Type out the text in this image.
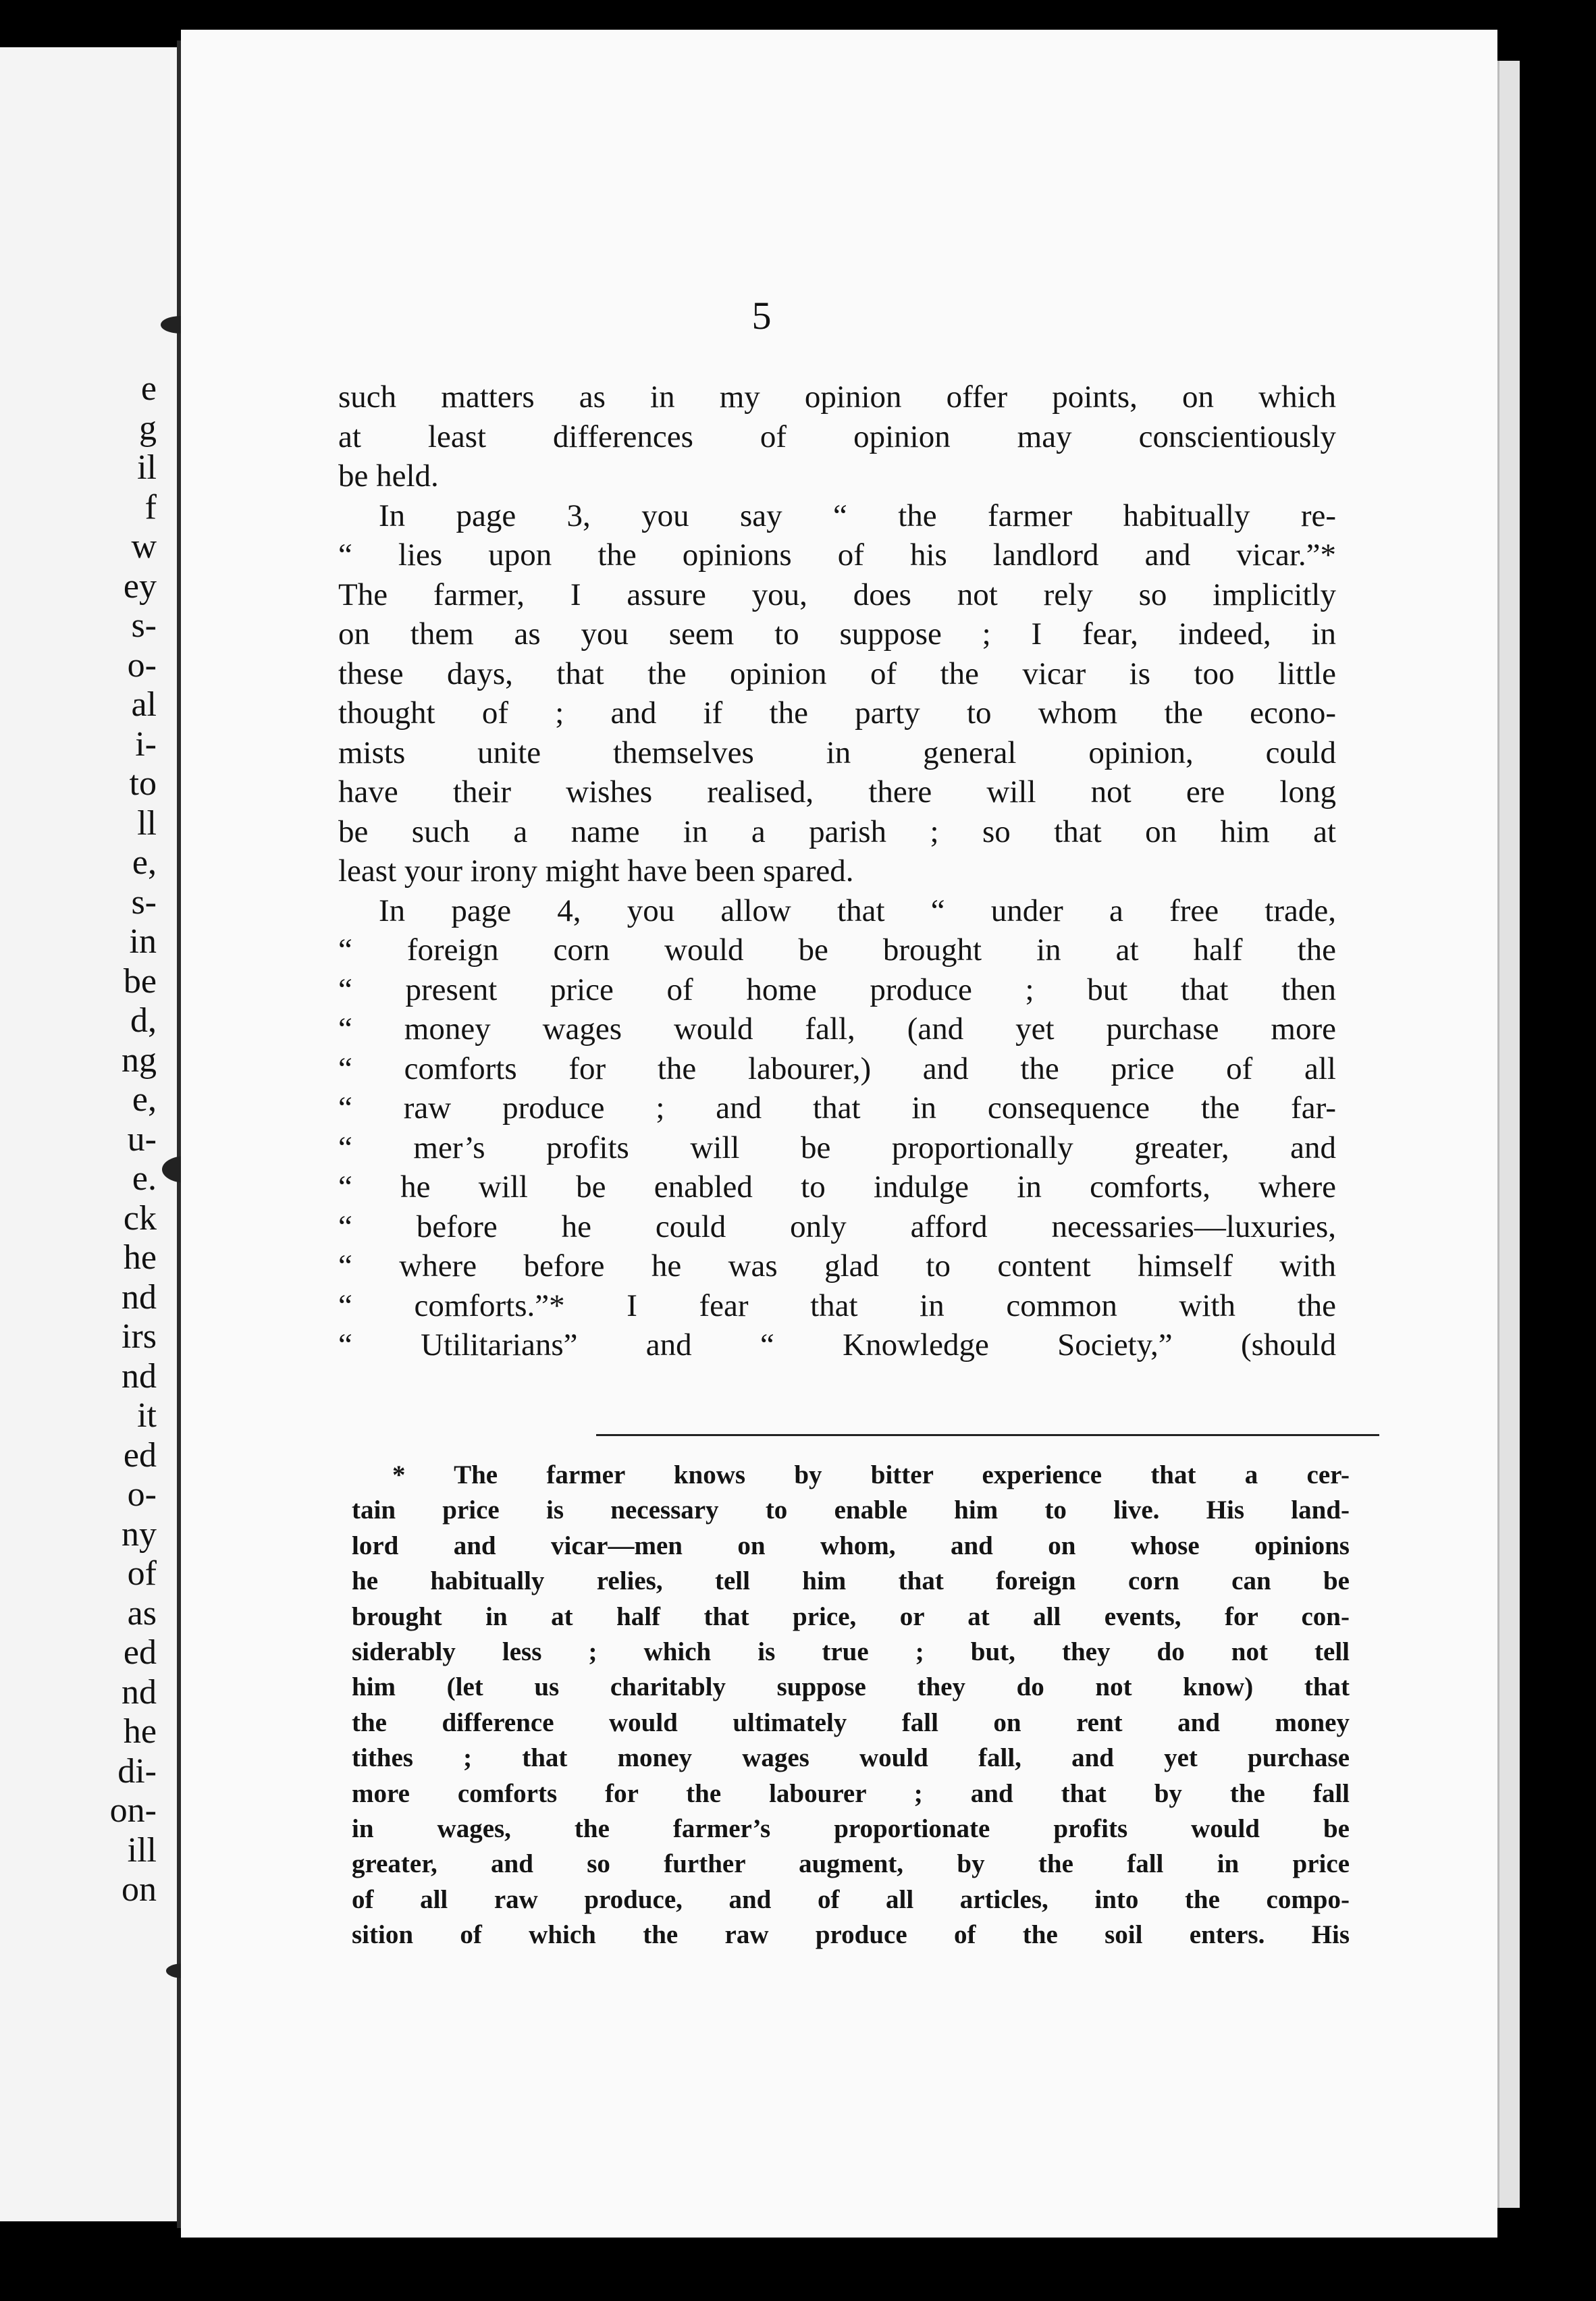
e
g
il
f
w
ey
s-
o-
al
i-
to
ll
e,
s-
in
be
d,
ng
e,
u-
e.
ck
he
nd
irs
nd
it
ed
o-
ny
of
as
ed
nd
he
di-
on-
ill
on
5
such matters as in my opinion offer points, on which
at least differences of opinion may conscientiously
be held.
In page 3, you say “ the farmer habitually re-
“ lies upon the opinions of his landlord and vicar.”*
The farmer, I assure you, does not rely so implicitly
on them as you seem to suppose ; I fear, indeed, in
these days, that the opinion of the vicar is too little
thought of ; and if the party to whom the econo-
mists unite themselves in general opinion, could
have their wishes realised, there will not ere long
be such a name in a parish ; so that on him at
least your irony might have been spared.
In page 4, you allow that “ under a free trade,
“ foreign corn would be brought in at half the
“ present price of home produce ; but that then
“ money wages would fall, (and yet purchase more
“ comforts for the labourer,) and the price of all
“ raw produce ; and that in consequence the far-
“ mer’s profits will be proportionally greater, and
“ he will be enabled to indulge in comforts, where
“ before he could only afford necessaries—luxuries,
“ where before he was glad to content himself with
“ comforts.”* I fear that in common with the
“ Utilitarians” and “ Knowledge Society,” (should
* The farmer knows by bitter experience that a cer-
tain price is necessary to enable him to live. His land-
lord and vicar—men on whom, and on whose opinions
he habitually relies, tell him that foreign corn can be
brought in at half that price, or at all events, for con-
siderably less ; which is true ; but, they do not tell
him (let us charitably suppose they do not know) that
the difference would ultimately fall on rent and money
tithes ; that money wages would fall, and yet purchase
more comforts for the labourer ; and that by the fall
in wages, the farmer’s proportionate profits would be
greater, and so further augment, by the fall in price
of all raw produce, and of all articles, into the compo-
sition of which the raw produce of the soil enters. His
